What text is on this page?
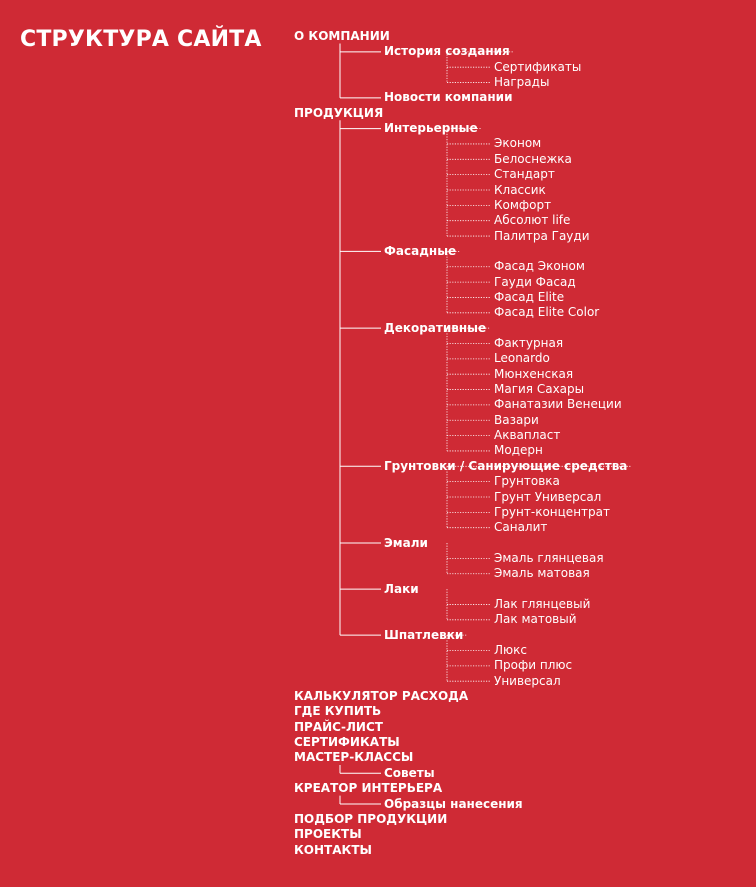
СТРУКТУРА САЙТА	О КОМПАНИИ
История создания
Сертификаты
Награды
Новости компании
ПРОДУКЦИЯ
Интерьерные
Эконом
Белоснежка
Стандарт
Классик
Комфорт
Абсолют life
Палитра Гауди
Фасадные
Фасад Эконом
Гауди Фасад
Фасад Elite
Фасад Elite Color
Декоративные
Фактурная
Leonardo
Мюнхенская
Магия Сахары
Фанатазии Венеции
Вазари
Аквапласт
Модерн
Грунтовки / Санирующие средства
Грунтовка
Грунт Универсал
Грунт-концентрат
Саналит
Эмали
Эмаль глянцевая
Эмаль матовая
Лаки
Лак глянцевый
Лак матовый
Шпатлевки
Люкс
Профи плюс
Универсал
КАЛЬКУЛЯТОР РАСХОДА
ГДЕ КУПИТЬ
ПРАЙС-ЛИСТ
СЕРТИФИКАТЫ
МАСТЕР-КЛАССЫ
Советы
КРЕАТОР ИНТЕРЬЕРА
Образцы нанесения
ПОДБОР ПРОДУКЦИИ
ПРОЕКТЫ
КОНТАКТЫ
